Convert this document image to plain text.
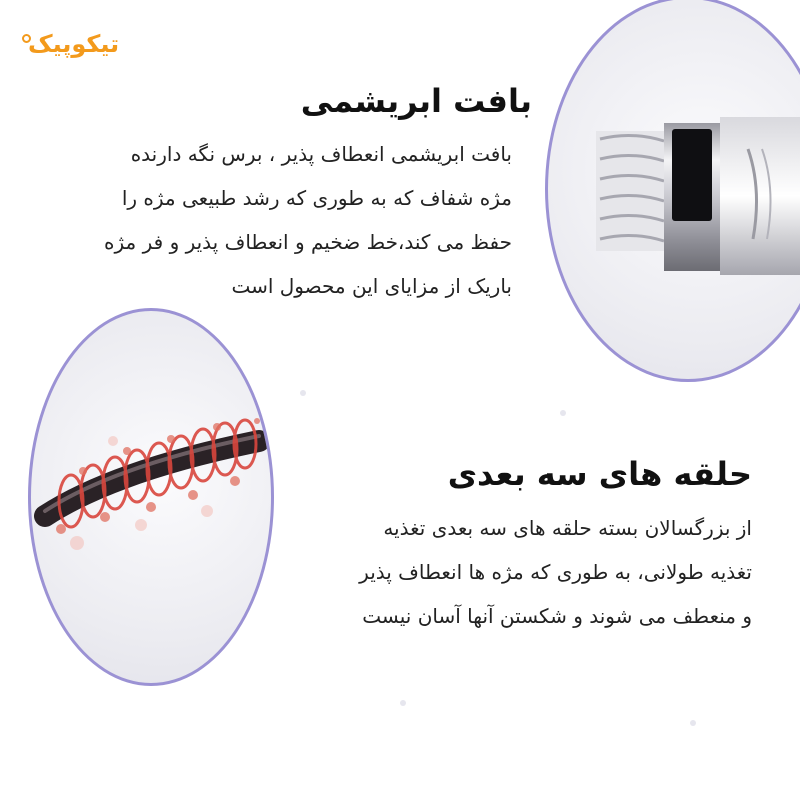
تیکوپیک
بافت ابریشمی
بافت ابریشمی انعطاف پذیر ، برس نگه دارنده
مژه شفاف که به طوری که رشد طبیعی مژه را
حفظ می کند،خط ضخیم و انعطاف پذیر و فر مژه
باریک از مزایای این محصول است
حلقه های سه بعدی
از بزرگسالان بسته حلقه های سه بعدی تغذیه
تغذیه طولانی، به طوری که مژه ها انعطاف پذیر
و منعطف می شوند و شکستن آنها آسان نیست
